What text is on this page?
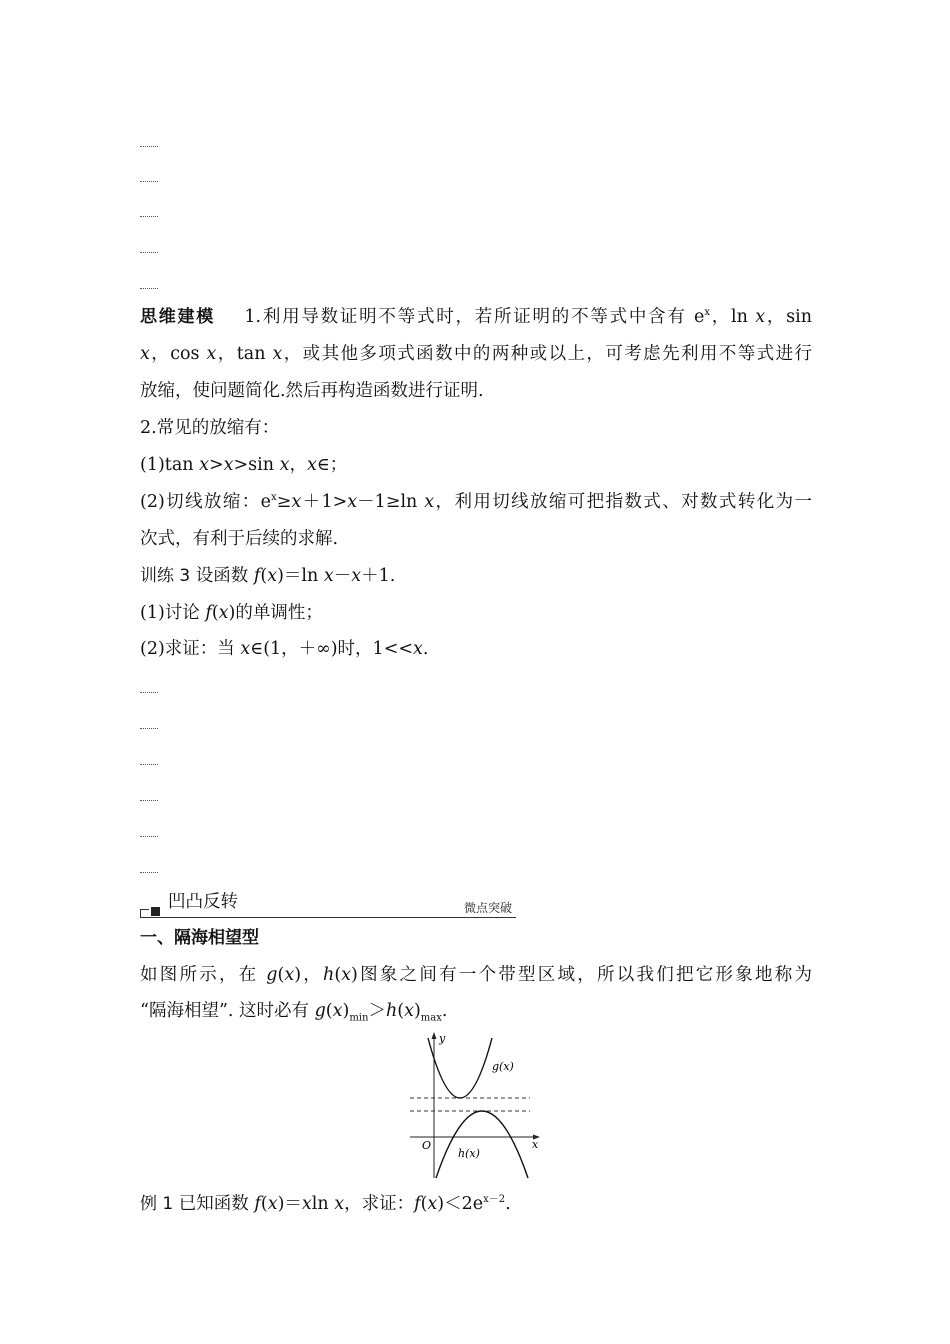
思维建模 1.利用导数证明不等式时，若所证明的不等式中含有 $e^x$，ln x，sin
x，cos x，tan x，或其他多项式函数中的两种或以上，可考虑先利用不等式进行
放缩，使问题简化.然后再构造函数进行证明.
2.常见的放缩有：
(1)tan x>x>sin x，x∈；
(2)切线放缩：$e^x\ge x+1>x-1\ge\ln$ x，利用切线放缩可把指数式、对数式转化为一
次式，有利于后续的求解.
训练 3 设函数 f(x)＝ln x－x＋1.
(1)讨论 f(x)的单调性；
(2)求证：当 x∈(1，＋∞)时，1<<x.
凹凸反转	微点突破
一、隔海相望型
如图所示，在 g(x)，h(x)图象之间有一个带型区域，所以我们把它形象地称为
“隔海相望”. 这时必有 $g(x)_{min}>h(x)_{max}$.
y
x
O
g(x)
h(x)
例 1 已知函数 f(x)＝xln x，求证：$f(x)<2e^{x-2}$.
